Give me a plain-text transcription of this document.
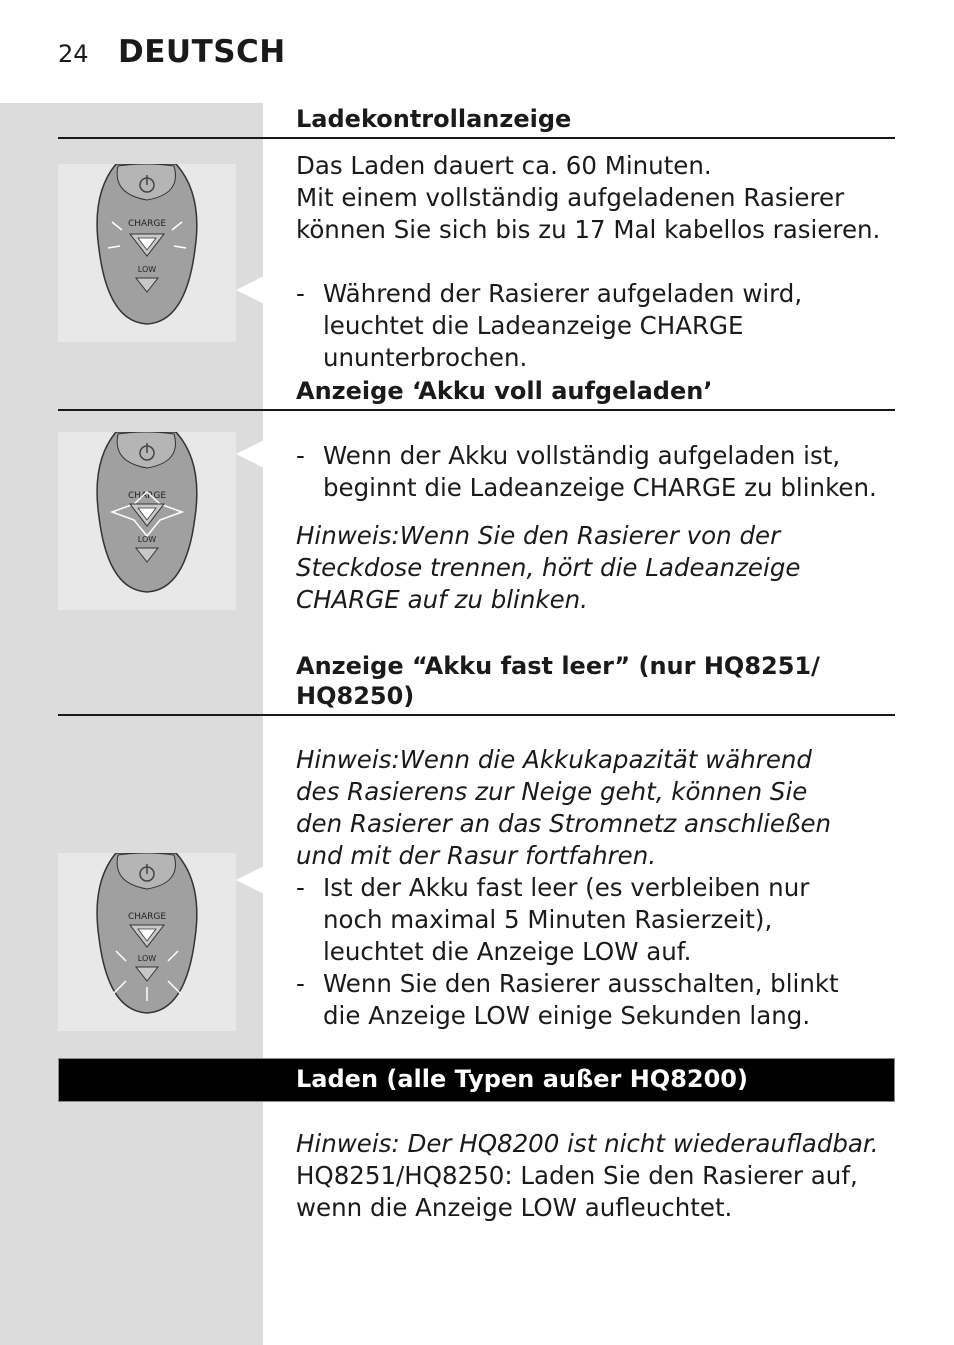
24 DEUTSCH
Ladekontrollanzeige
CHARGE
LOW

Das Laden dauert ca. 60 Minuten.

Mit einem vollständig aufgeladenen Rasierer können Sie sich bis zu 17 Mal kabellos rasieren.

- Während der Rasierer aufgeladen wird, leuchtet die Ladeanzeige CHARGE ununterbrochen.

Anzeige ‘Akku voll aufgeladen’
CHARGE
LOW

- Wenn der Akku vollständig aufgeladen ist, beginnt die Ladeanzeige CHARGE zu blinken.

Hinweis:Wenn Sie den Rasierer von der Steckdose trennen, hört die Ladeanzeige CHARGE auf zu blinken.

Anzeige “Akku fast leer” (nur HQ8251/ HQ8250)
CHARGE
LOW

Hinweis:Wenn die Akkukapazität während des Rasierens zur Neige geht, können Sie den Rasierer an das Stromnetz anschließen und mit der Rasur fortfahren.

- Ist der Akku fast leer (es verbleiben nur noch maximal 5 Minuten Rasierzeit), leuchtet die Anzeige LOW auf.

- Wenn Sie den Rasierer ausschalten, blinkt die Anzeige LOW einige Sekunden lang.

Laden (alle Typen außer HQ8200)

Hinweis: Der HQ8200 ist nicht wiederaufladbar.

HQ8251/HQ8250: Laden Sie den Rasierer auf, wenn die Anzeige LOW aufleuchtet.
